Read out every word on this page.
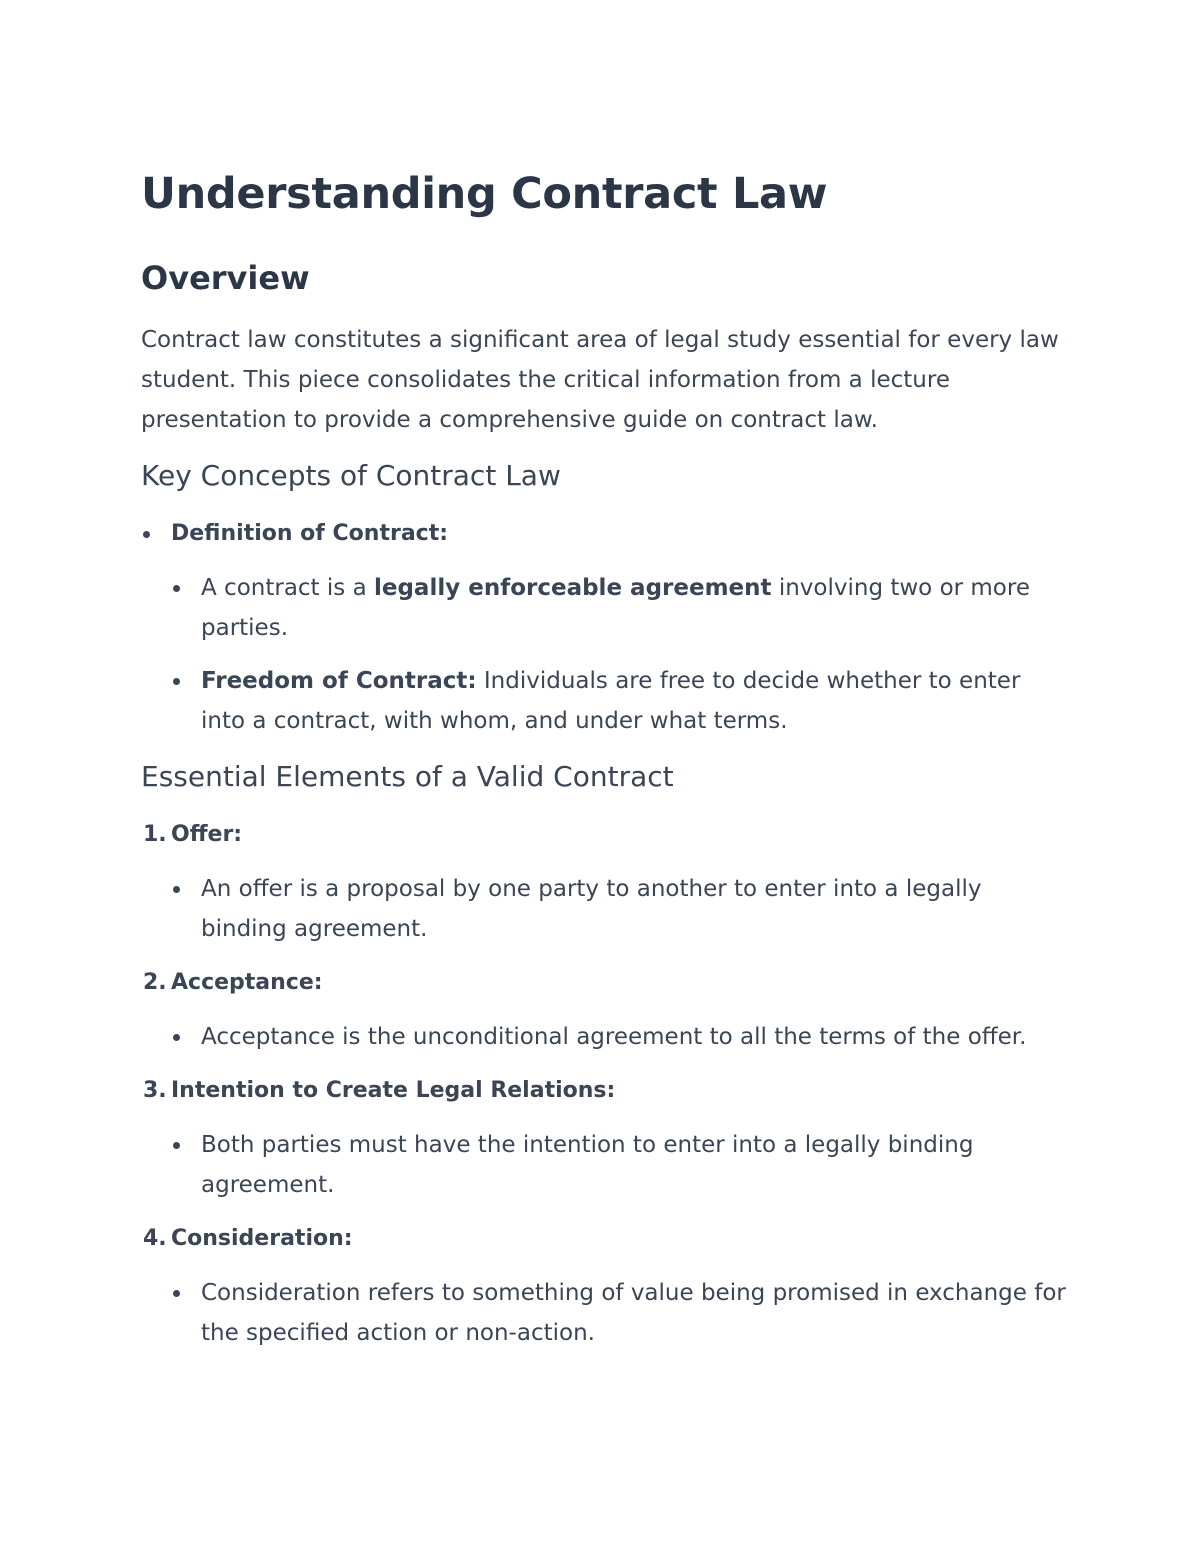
Understanding Contract Law
Overview

Contract law constitutes a significant area of legal study essential for every law student. This piece consolidates the critical information from a lecture presentation to provide a comprehensive guide on contract law.

Key Concepts of Contract Law
Definition of Contract:
A contract is a legally enforceable agreement involving two or more parties.
Freedom of Contract: Individuals are free to decide whether to enter into a contract, with whom, and under what terms.
Essential Elements of a Valid Contract
1. Offer:
An offer is a proposal by one party to another to enter into a legally binding agreement.
2. Acceptance:
Acceptance is the unconditional agreement to all the terms of the offer.
3. Intention to Create Legal Relations:
Both parties must have the intention to enter into a legally binding agreement.
4. Consideration:
Consideration refers to something of value being promised in exchange for the specified action or non-action.
